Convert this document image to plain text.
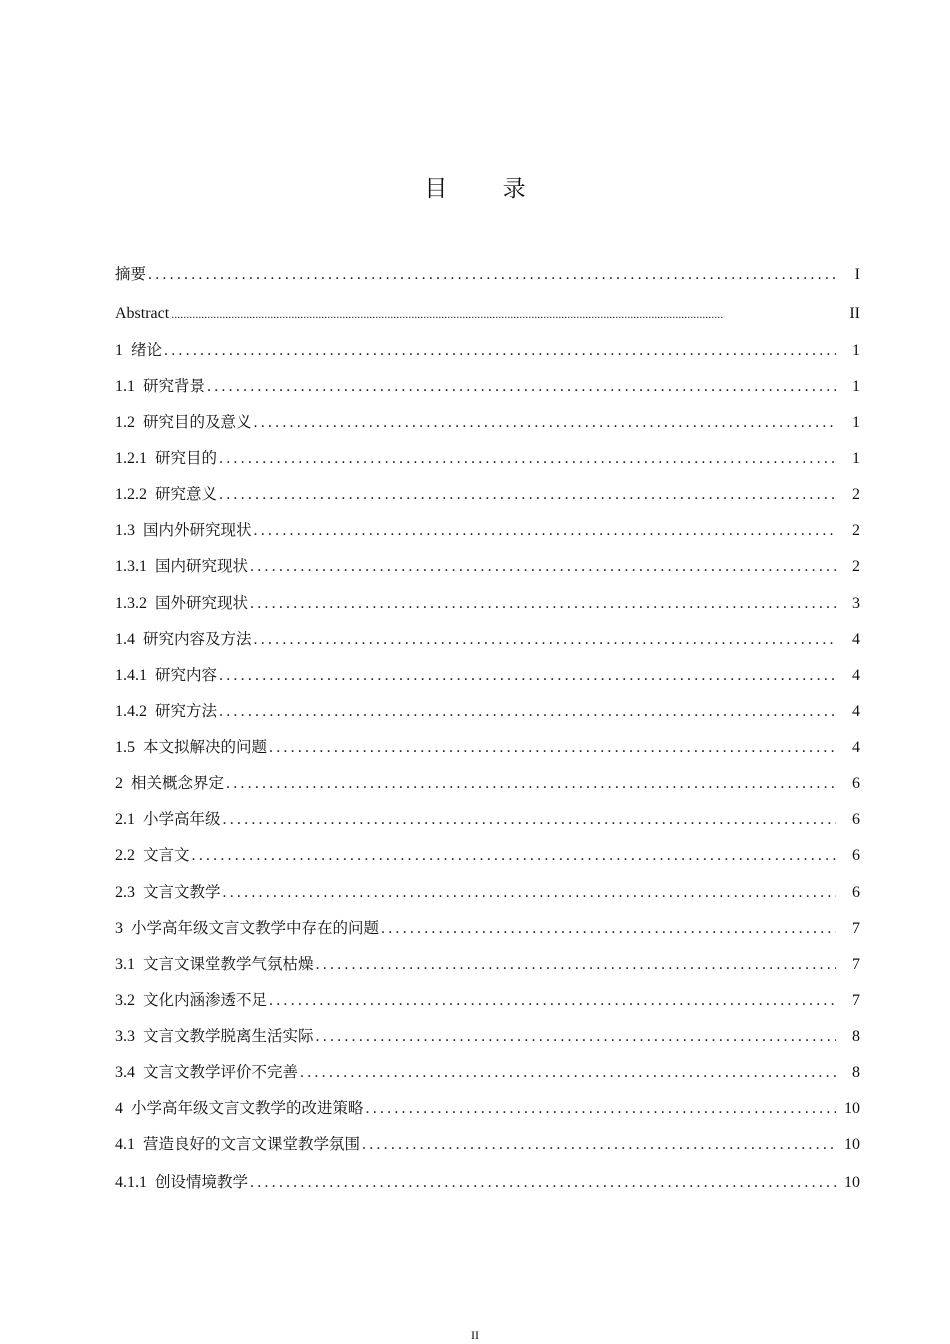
目 录
摘要 .....	I
Abstract .....	II
1 绪论 .....	1
1.1 研究背景 .....	1
1.2 研究目的及意义 .....	1
1.2.1 研究目的 .....	1
1.2.2 研究意义 .....	2
1.3 国内外研究现状 .....	2
1.3.1 国内研究现状 .....	2
1.3.2 国外研究现状 .....	3
1.4 研究内容及方法 .....	4
1.4.1 研究内容 .....	4
1.4.2 研究方法 .....	4
1.5 本文拟解决的问题 .....	4
2 相关概念界定 .....	6
2.1 小学高年级 .....	6
2.2 文言文 .....	6
2.3 文言文教学 .....	6
3 小学高年级文言文教学中存在的问题 .....	7
3.1 文言文课堂教学气氛枯燥 .....	7
3.2 文化内涵渗透不足 .....	7
3.3 文言文教学脱离生活实际 .....	8
3.4 文言文教学评价不完善 .....	8
4 小学高年级文言文教学的改进策略 .....	10
4.1 营造良好的文言文课堂教学氛围 .....	10
4.1.1 创设情境教学 .....	10
II
